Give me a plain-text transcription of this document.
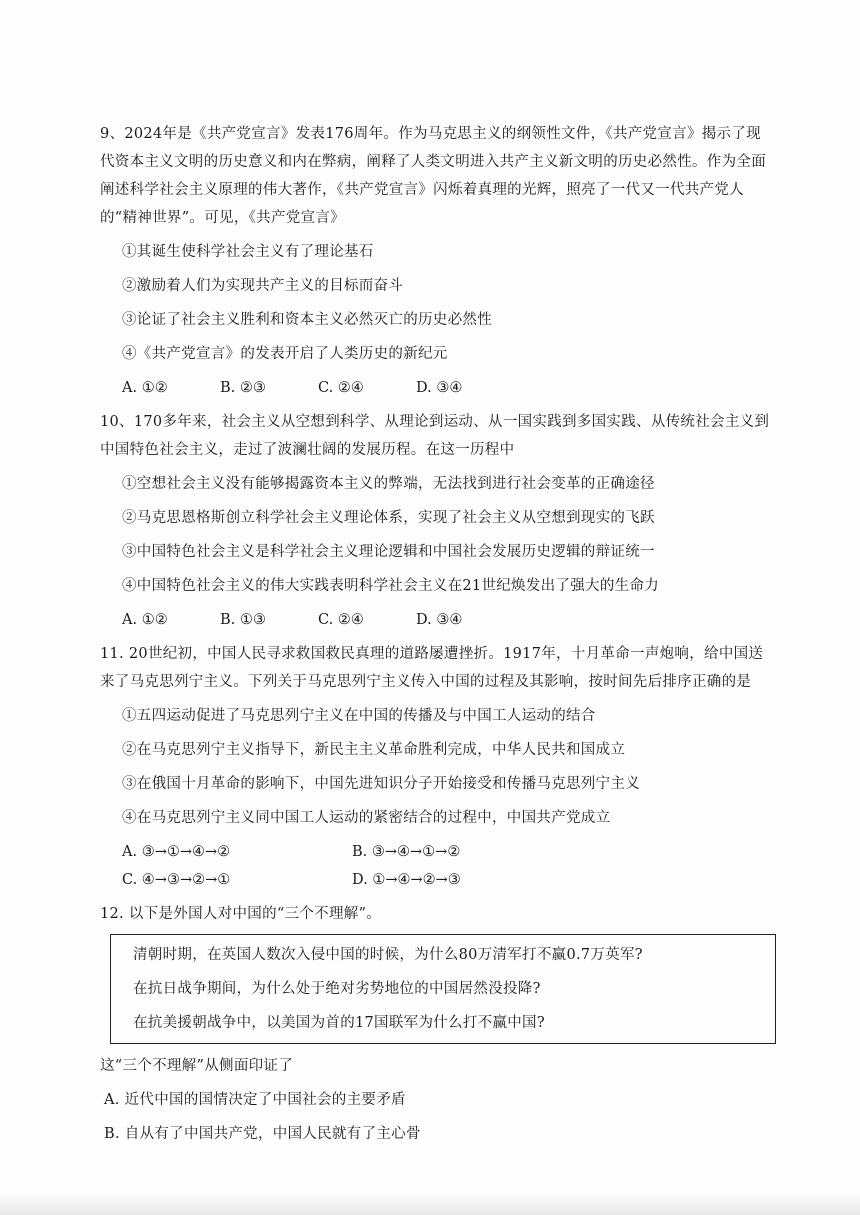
9、2024年是《共产党宣言》发表176周年。作为马克思主义的纲领性文件，《共产党宣言》揭示了现代资本主义文明的历史意义和内在弊病，阐释了人类文明进入共产主义新文明的历史必然性。作为全面阐述科学社会主义原理的伟大著作，《共产党宣言》闪烁着真理的光辉，照亮了一代又一代共产党人的“精神世界”。可见，《共产党宣言》

①其诞生使科学社会主义有了理论基石

②激励着人们为实现共产主义的目标而奋斗

③论证了社会主义胜利和资本主义必然灭亡的历史必然性

④《共产党宣言》的发表开启了人类历史的新纪元

A. ①②	B. ②③	C. ②④	D. ③④

10、170多年来，社会主义从空想到科学、从理论到运动、从一国实践到多国实践、从传统社会主义到中国特色社会主义，走过了波澜壮阔的发展历程。在这一历程中

①空想社会主义没有能够揭露资本主义的弊端，无法找到进行社会变革的正确途径

②马克思恩格斯创立科学社会主义理论体系，实现了社会主义从空想到现实的飞跃

③中国特色社会主义是科学社会主义理论逻辑和中国社会发展历史逻辑的辩证统一

④中国特色社会主义的伟大实践表明科学社会主义在21世纪焕发出了强大的生命力

A. ①②	B. ①③	C. ②④	D. ③④

11. 20世纪初，中国人民寻求救国救民真理的道路屡遭挫折。1917年，十月革命一声炮响，给中国送来了马克思列宁主义。下列关于马克思列宁主义传入中国的过程及其影响，按时间先后排序正确的是

①五四运动促进了马克思列宁主义在中国的传播及与中国工人运动的结合

②在马克思列宁主义指导下，新民主主义革命胜利完成，中华人民共和国成立

③在俄国十月革命的影响下，中国先进知识分子开始接受和传播马克思列宁主义

④在马克思列宁主义同中国工人运动的紧密结合的过程中，中国共产党成立

A. ③→①→④→②	B. ③→④→①→②
C. ④→③→②→①	D. ①→④→②→③

12. 以下是外国人对中国的“三个不理解”。

清朝时期，在英国人数次入侵中国的时候，为什么80万清军打不赢0.7万英军?

在抗日战争期间，为什么处于绝对劣势地位的中国居然没投降?

在抗美援朝战争中，以美国为首的17国联军为什么打不赢中国?

这“三个不理解”从侧面印证了

A. 近代中国的国情决定了中国社会的主要矛盾

B. 自从有了中国共产党，中国人民就有了主心骨
